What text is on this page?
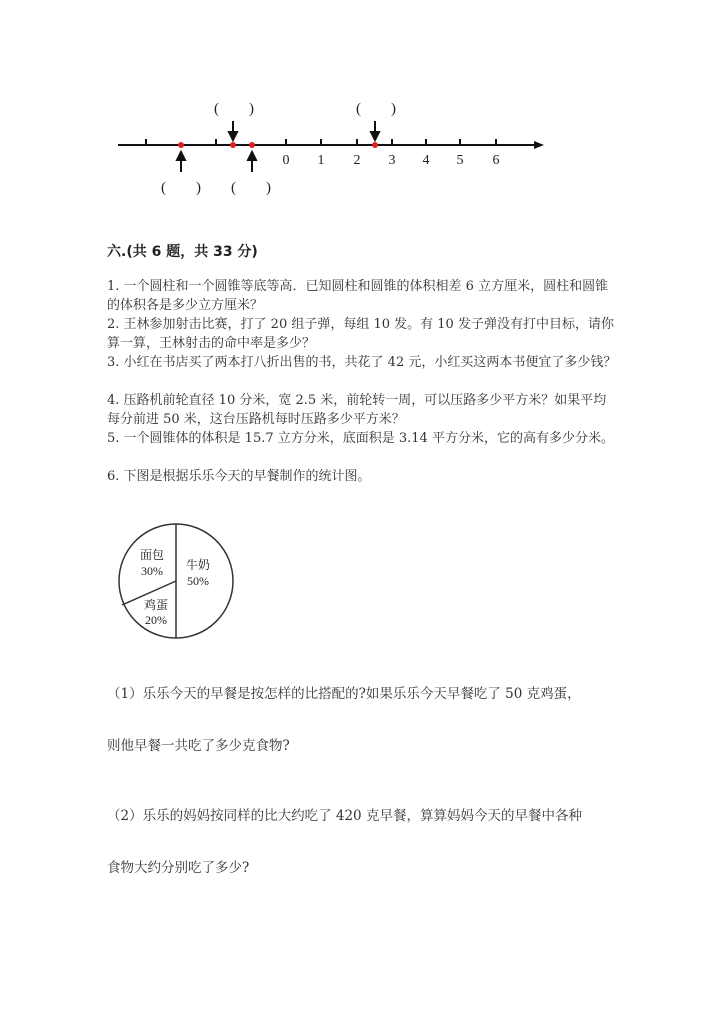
0 1 2 3 4 5 6
(        )	(        )
(        ) (        )
六.(共 6 题，共 33 分)
1. 一个圆柱和一个圆锥等底等高．已知圆柱和圆锥的体积相差 6 立方厘米，圆柱和圆锥的体积各是多少立方厘米？
2. 王林参加射击比赛，打了 20 组子弹，每组 10 发。有 10 发子弹没有打中目标，请你算一算，王林射击的命中率是多少？
3. 小红在书店买了两本打八折出售的书，共花了 42 元，小红买这两本书便宜了多少钱？
4. 压路机前轮直径 10 分米，宽 2.5 米，前轮转一周，可以压路多少平方米？如果平均每分前进 50 米，这台压路机每时压路多少平方米？
5. 一个圆锥体的体积是 15.7 立方分米，底面积是 3.14 平方分米，它的高有多少分米。
6. 下图是根据乐乐今天的早餐制作的统计图。
面包
30% 牛奶
50%
鸡蛋
20%
（1）乐乐今天的早餐是按怎样的比搭配的?如果乐乐今天早餐吃了 50 克鸡蛋，
则他早餐一共吃了多少克食物?
（2）乐乐的妈妈按同样的比大约吃了 420 克早餐，算算妈妈今天的早餐中各种
食物大约分别吃了多少?
